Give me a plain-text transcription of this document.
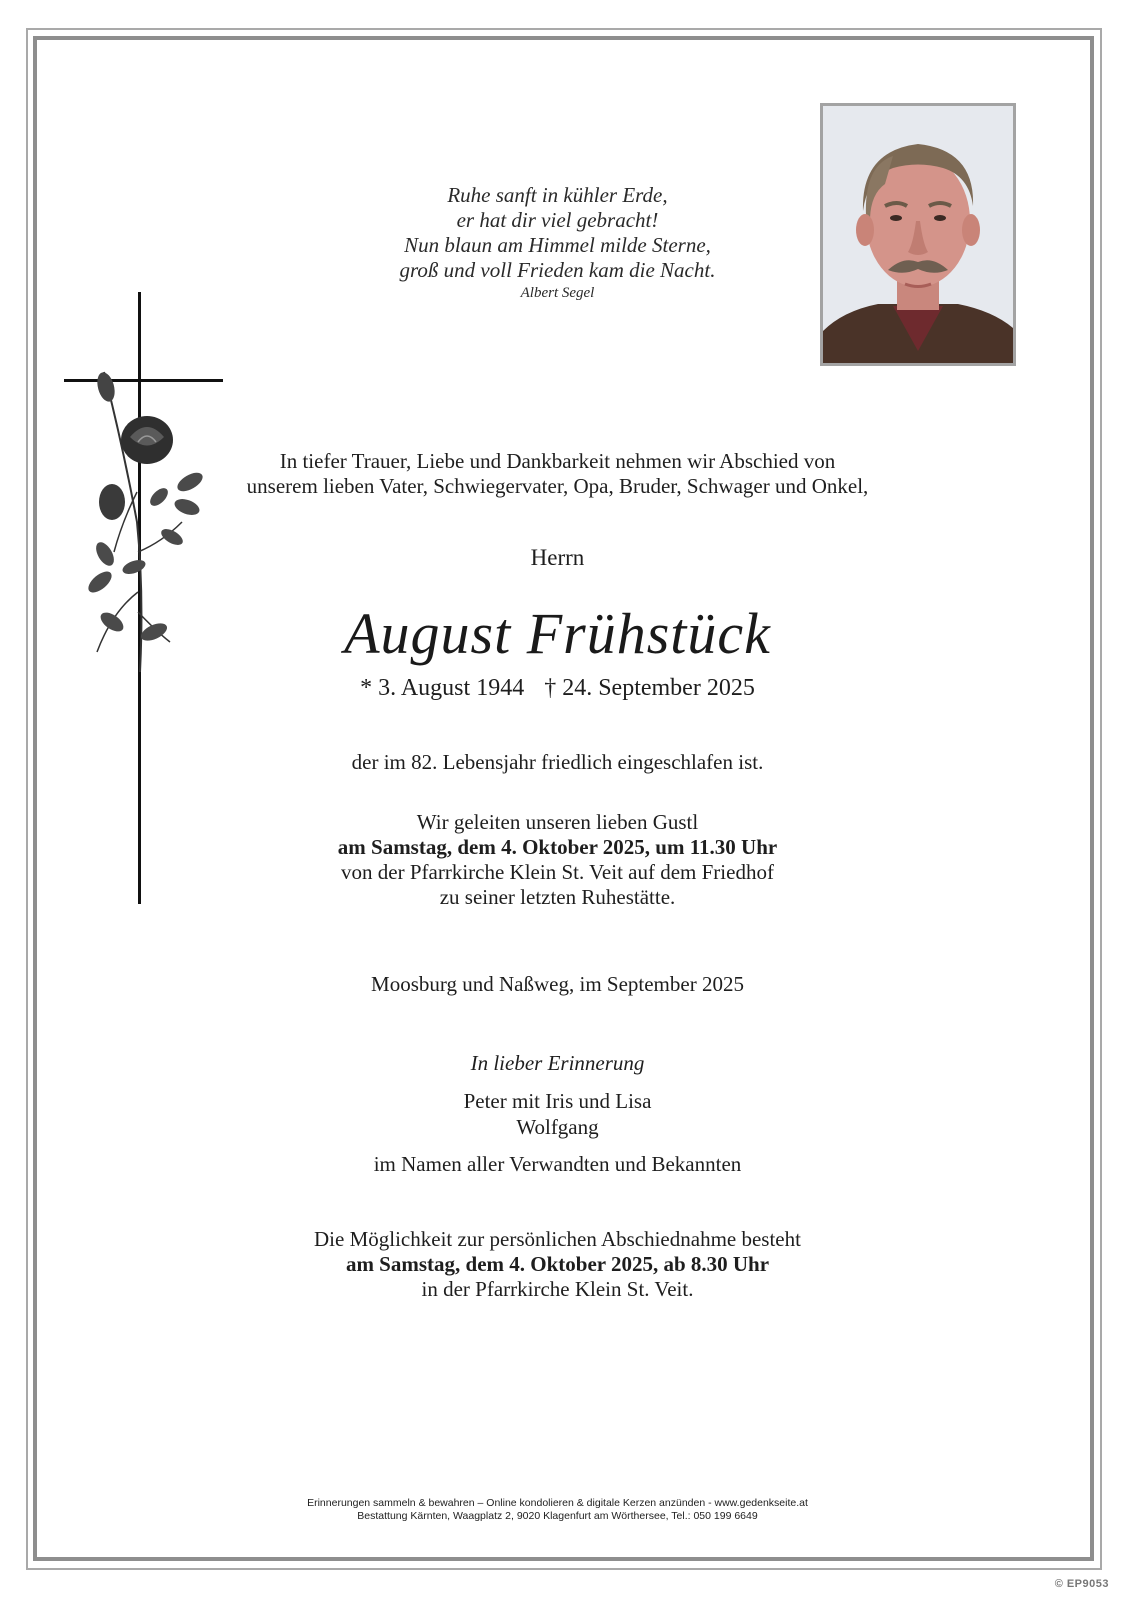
Ruhe sanft in kühler Erde,
er hat dir viel gebracht!
Nun blaun am Himmel milde Sterne,
groß und voll Frieden kam die Nacht.
Albert Segel
In tiefer Trauer, Liebe und Dankbarkeit nehmen wir Abschied von
unserem lieben Vater, Schwiegervater, Opa, Bruder, Schwager und Onkel,
Herrn
August Frühstück
* 3. August 1944 † 24. September 2025
der im 82. Lebensjahr friedlich eingeschlafen ist.
Wir geleiten unseren lieben Gustl
am Samstag, dem 4. Oktober 2025, um 11.30 Uhr
von der Pfarrkirche Klein St. Veit auf dem Friedhof
zu seiner letzten Ruhestätte.
Moosburg und Naßweg, im September 2025
In lieber Erinnerung
Peter mit Iris und Lisa
Wolfgang
im Namen aller Verwandten und Bekannten
Die Möglichkeit zur persönlichen Abschiednahme besteht
am Samstag, dem 4. Oktober 2025, ab 8.30 Uhr
in der Pfarrkirche Klein St. Veit.
Erinnerungen sammeln & bewahren – Online kondolieren & digitale Kerzen anzünden - www.gedenkseite.at
Bestattung Kärnten, Waagplatz 2, 9020 Klagenfurt am Wörthersee, Tel.: 050 199 6649
© EP9053
